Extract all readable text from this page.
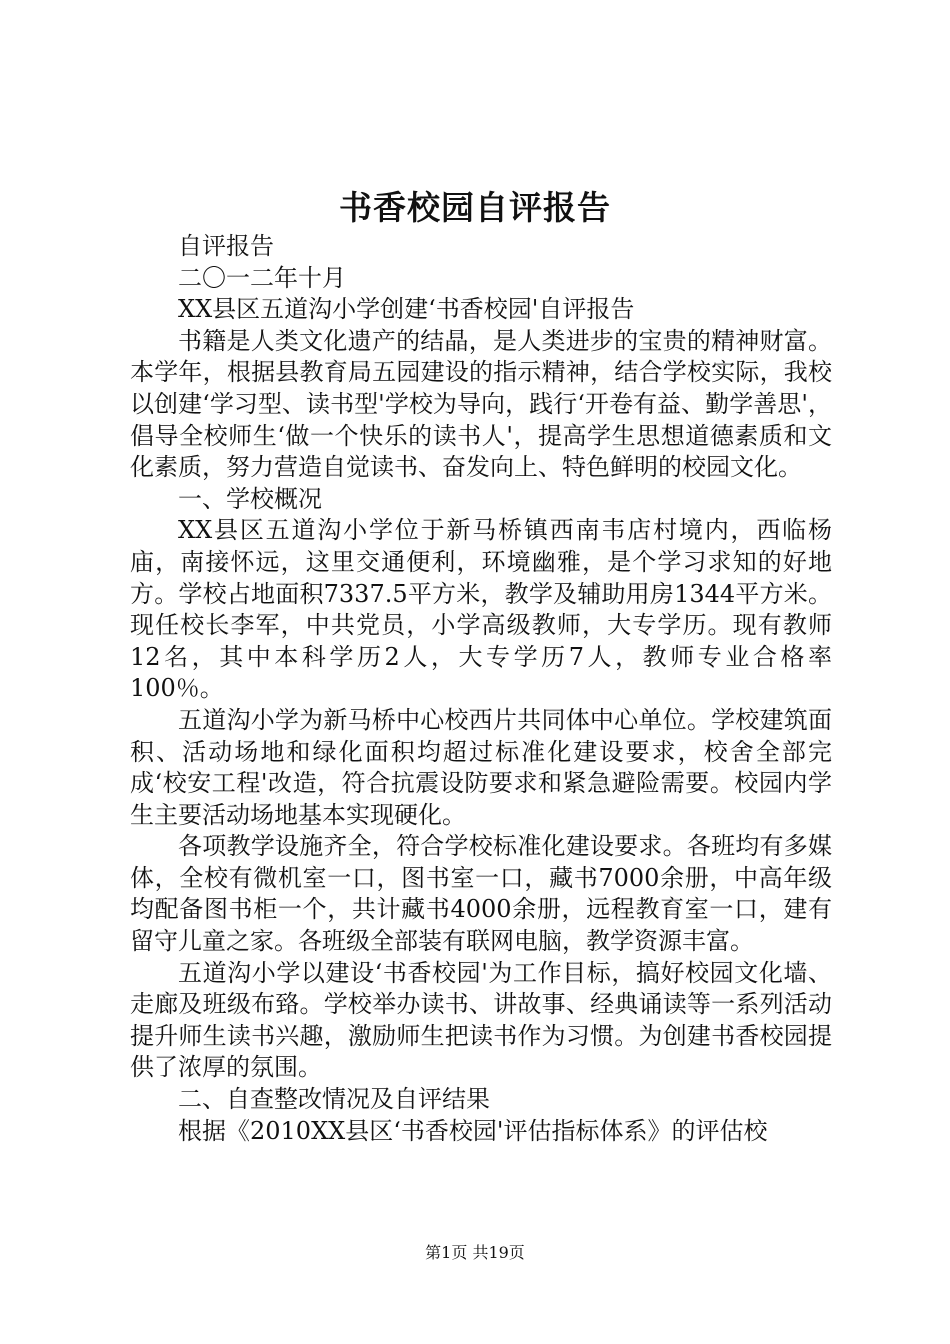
书香校园自评报告

自评报告

二〇一二年十月

XX县区五道沟小学创建‘书香校园'自评报告

书籍是人类文化遗产的结晶，是人类进步的宝贵的精神财富。本学年，根据县教育局五园建设的指示精神，结合学校实际，我校以创建‘学习型、读书型'学校为导向，践行‘开卷有益、勤学善思'，倡导全校师生‘做一个快乐的读书人'，提高学生思想道德素质和文化素质，努力营造自觉读书、奋发向上、特色鲜明的校园文化。

一、学校概况

XX县区五道沟小学位于新马桥镇西南韦店村境内，西临杨庙，南接怀远，这里交通便利，环境幽雅，是个学习求知的好地方。学校占地面积7337.5平方米，教学及辅助用房1344平方米。现任校长李军，中共党员，小学高级教师，大专学历。现有教师12名，其中本科学历2人，大专学历7人，教师专业合格率100％。

五道沟小学为新马桥中心校西片共同体中心单位。学校建筑面积、活动场地和绿化面积均超过标准化建设要求，校舍全部完成‘校安工程'改造，符合抗震设防要求和紧急避险需要。校园内学生主要活动场地基本实现硬化。

各项教学设施齐全，符合学校标准化建设要求。各班均有多媒体，全校有微机室一口，图书室一口，藏书7000余册，中高年级均配备图书柜一个，共计藏书4000余册，远程教育室一口，建有留守儿童之家。各班级全部装有联网电脑，教学资源丰富。

五道沟小学以建设‘书香校园'为工作目标，搞好校园文化墙、走廊及班级布臵。学校举办读书、讲故事、经典诵读等一系列活动提升师生读书兴趣，激励师生把读书作为习惯。为创建书香校园提供了浓厚的氛围。

二、自查整改情况及自评结果

根据《2010XX县区‘书香校园'评估指标体系》的评估校

第1页 共19页
